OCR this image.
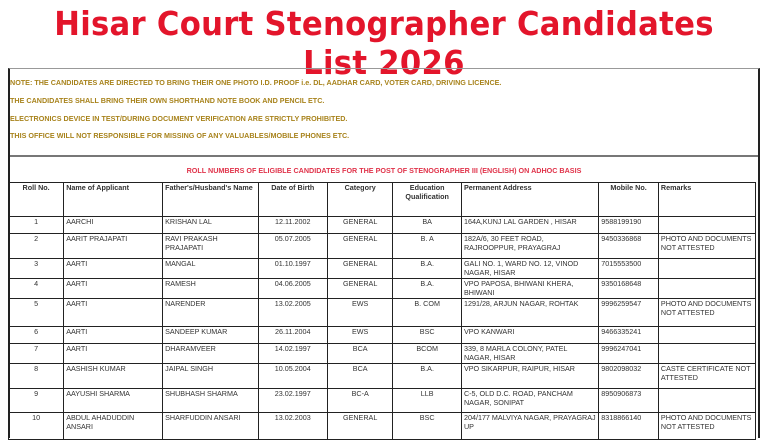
Hisar Court Stenographer Candidates List 2026
NOTE: THE CANDIDATES ARE DIRECTED TO BRING THEIR ONE PHOTO I.D. PROOF i.e. DL, AADHAR CARD, VOTER CARD, DRIVING LICENCE.
THE CANDIDATES SHALL BRING THEIR OWN SHORTHAND NOTE BOOK AND PENCIL ETC.
ELECTRONICS DEVICE IN TEST/DURING DOCUMENT VERIFICATION ARE STRICTLY PROHIBITED.
THIS OFFICE WILL NOT RESPONSIBLE FOR MISSING OF ANY VALUABLES/MOBILE PHONES ETC.
ROLL NUMBERS OF ELIGIBLE CANDIDATES FOR THE POST OF STENOGRAPHER III (ENGLISH) ON ADHOC BASIS
Roll No.	Name of Applicant	Father's/Husband's Name	Date of Birth	Category	Education Qualification	Permanent Address	Mobile No.	Remarks
1	AARCHI	KRISHAN LAL	12.11.2002	GENERAL	BA	164A,KUNJ LAL GARDEN , HISAR	9588199190	
2	AARIT PRAJAPATI	RAVI PRAKASH PRAJAPATI	05.07.2005	GENERAL	B. A	182A/6, 30 FEET ROAD, RAJROOPPUR, PRAYAGRAJ	9450336868	PHOTO AND DOCUMENTS NOT ATTESTED
3	AARTI	MANGAL	01.10.1997	GENERAL	B.A.	GALI NO. 1, WARD NO. 12, VINOD NAGAR, HISAR	7015553500	
4	AARTI	RAMESH	04.06.2005	GENERAL	B.A.	VPO PAPOSA, BHIWANI KHERA, BHIWANI	9350168648	
5	AARTI	NARENDER	13.02.2005	EWS	B. COM	1291/28, ARJUN NAGAR, ROHTAK	9996259547	PHOTO AND DOCUMENTS NOT ATTESTED
6	AARTI	SANDEEP KUMAR	26.11.2004	EWS	BSC	VPO KANWARI	9466335241	
7	AARTI	DHARAMVEER	14.02.1997	BCA	BCOM	339, 8 MARLA COLONY, PATEL NAGAR, HISAR	9996247041	
8	AASHISH KUMAR	JAIPAL SINGH	10.05.2004	BCA	B.A.	VPO SIKARPUR, RAIPUR, HISAR	9802098032	CASTE CERTIFICATE NOT ATTESTED
9	AAYUSHI SHARMA	SHUBHASH SHARMA	23.02.1997	BC-A	LLB	C-5, OLD D.C. ROAD, PANCHAM NAGAR, SONIPAT	8950906873	
10	ABDUL AHADUDDIN ANSARI	SHARFUDDIN ANSARI	13.02.2003	GENERAL	BSC	204/177 MALVIYA NAGAR, PRAYAGRAJ UP	8318866140	PHOTO AND DOCUMENTS NOT ATTESTED
